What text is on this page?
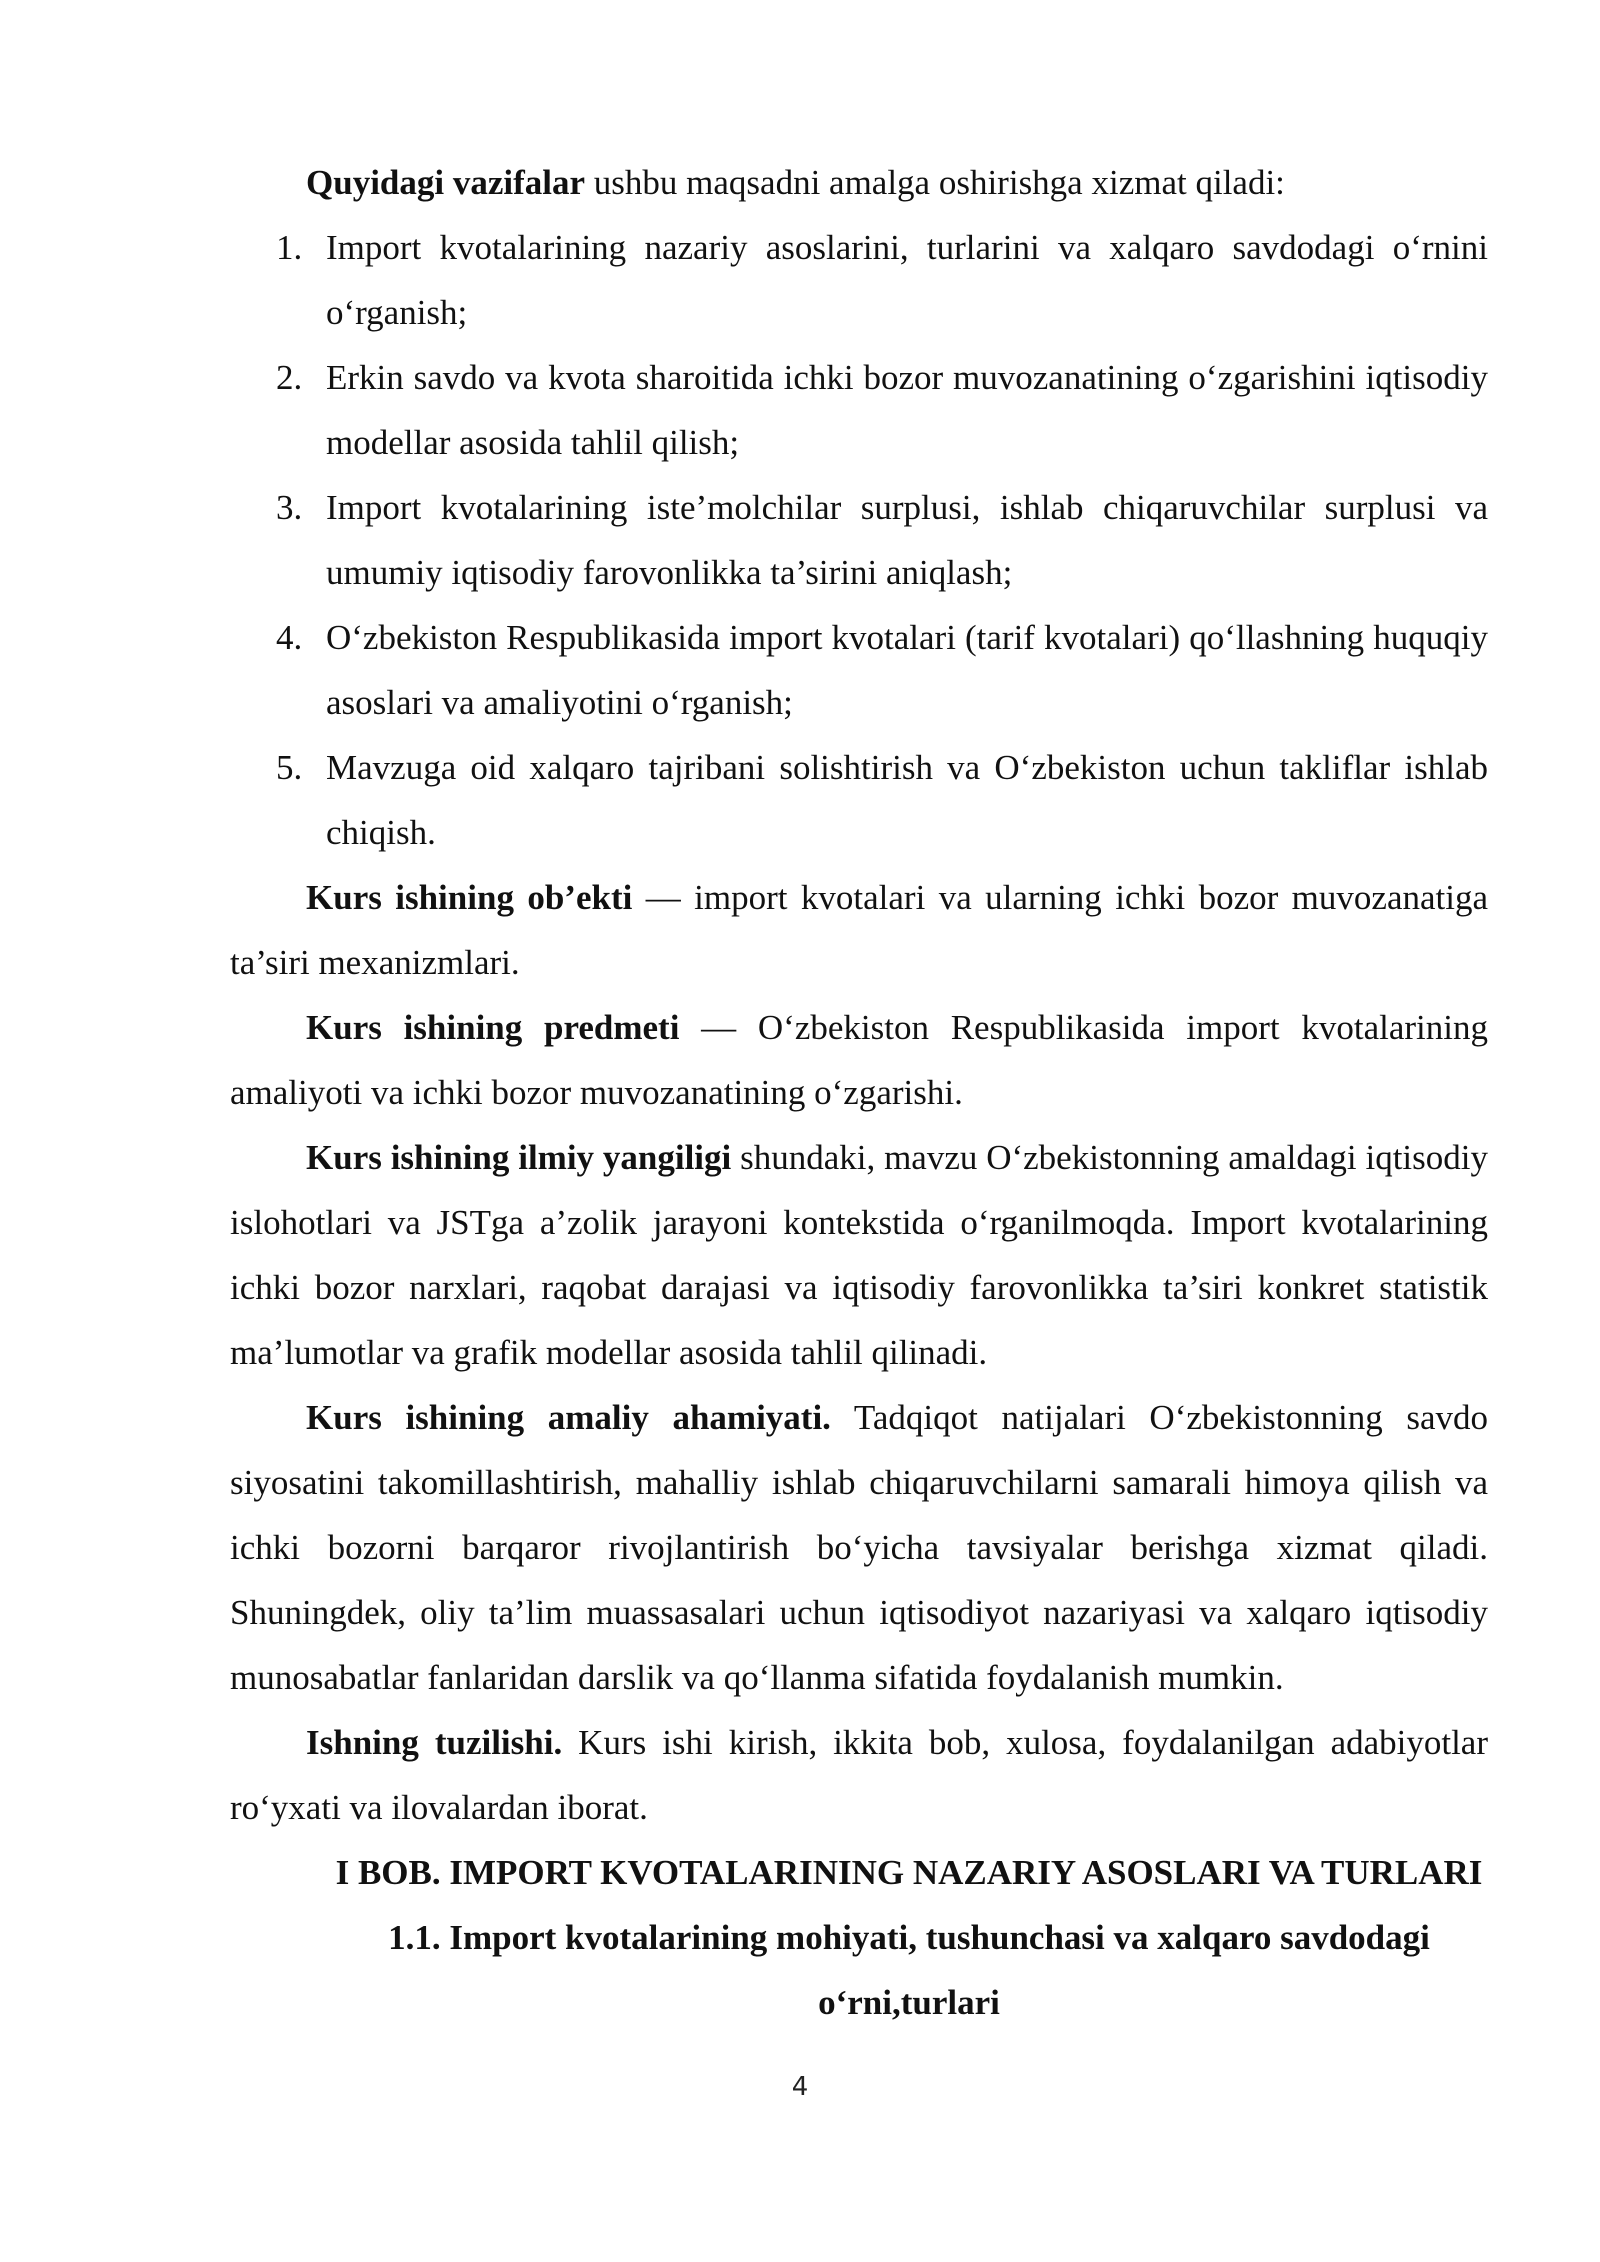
Quyidagi vazifalar ushbu maqsadni amalga oshirishga xizmat qiladi:

1. Import kvotalarining nazariy asoslarini, turlarini va xalqaro savdodagi o‘rnini o‘rganish;
2. Erkin savdo va kvota sharoitida ichki bozor muvozanatining o‘zgarishini iqtisodiy modellar asosida tahlil qilish;
3. Import kvotalarining iste’molchilar surplusi, ishlab chiqaruvchilar surplusi va umumiy iqtisodiy farovonlikka ta’sirini aniqlash;
4. O‘zbekiston Respublikasida import kvotalari (tarif kvotalari) qo‘llashning huquqiy asoslari va amaliyotini o‘rganish;
5. Mavzuga oid xalqaro tajribani solishtirish va O‘zbekiston uchun takliflar ishlab chiqish.

Kurs ishining ob’ekti — import kvotalari va ularning ichki bozor muvozanatiga ta’siri mexanizmlari.

Kurs ishining predmeti — O‘zbekiston Respublikasida import kvotalarining amaliyoti va ichki bozor muvozanatining o‘zgarishi.

Kurs ishining ilmiy yangiligi shundaki, mavzu O‘zbekistonning amaldagi iqtisodiy islohotlari va JSTga a’zolik jarayoni kontekstida o‘rganilmoqda. Import kvotalarining ichki bozor narxlari, raqobat darajasi va iqtisodiy farovonlikka ta’siri konkret statistik ma’lumotlar va grafik modellar asosida tahlil qilinadi.

Kurs ishining amaliy ahamiyati. Tadqiqot natijalari O‘zbekistonning savdo siyosatini takomillashtirish, mahalliy ishlab chiqaruvchilarni samarali himoya qilish va ichki bozorni barqaror rivojlantirish bo‘yicha tavsiyalar berishga xizmat qiladi. Shuningdek, oliy ta’lim muassasalari uchun iqtisodiyot nazariyasi va xalqaro iqtisodiy munosabatlar fanlaridan darslik va qo‘llanma sifatida foydalanish mumkin.

Ishning tuzilishi. Kurs ishi kirish, ikkita bob, xulosa, foydalanilgan adabiyotlar ro‘yxati va ilovalardan iborat.

I BOB. IMPORT KVOTALARINING NAZARIY ASOSLARI VA TURLARI
1.1. Import kvotalarining mohiyati, tushunchasi va xalqaro savdodagi o‘rni,turlari
4
